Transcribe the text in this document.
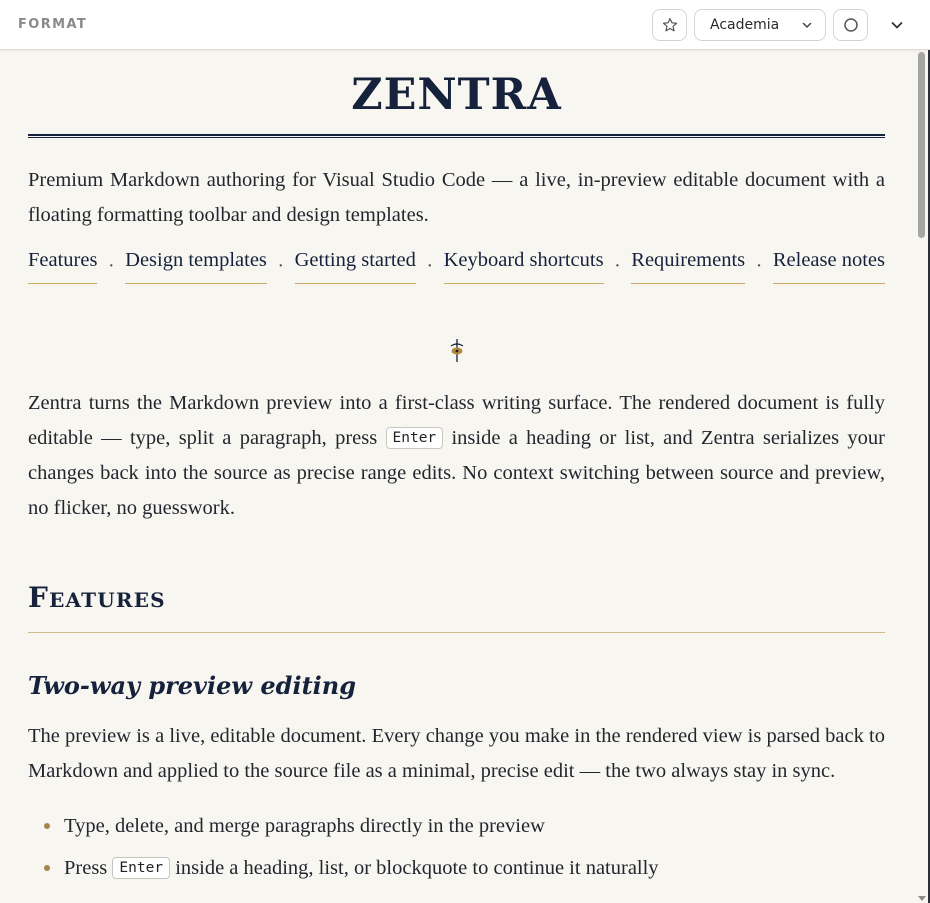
FORMAT	Academia
ZENTRA

Premium Markdown authoring for Visual Studio Code — a live, in-preview editable document with a floating formatting toolbar and design templates.

Features · Design templates · Getting started · Keyboard shortcuts · Requirements · Release notes

Zentra turns the Markdown preview into a first-class writing surface. The rendered document is fully editable — type, split a paragraph, press Enter inside a heading or list, and Zentra serializes your changes back into the source as precise range edits. No context switching between source and preview, no flicker, no guesswork.

Features
Two-way preview editing

The preview is a live, editable document. Every change you make in the rendered view is parsed back to Markdown and applied to the source file as a minimal, precise edit — the two always stay in sync.

Type, delete, and merge paragraphs directly in the preview
Press Enter inside a heading, list, or blockquote to continue it naturally
